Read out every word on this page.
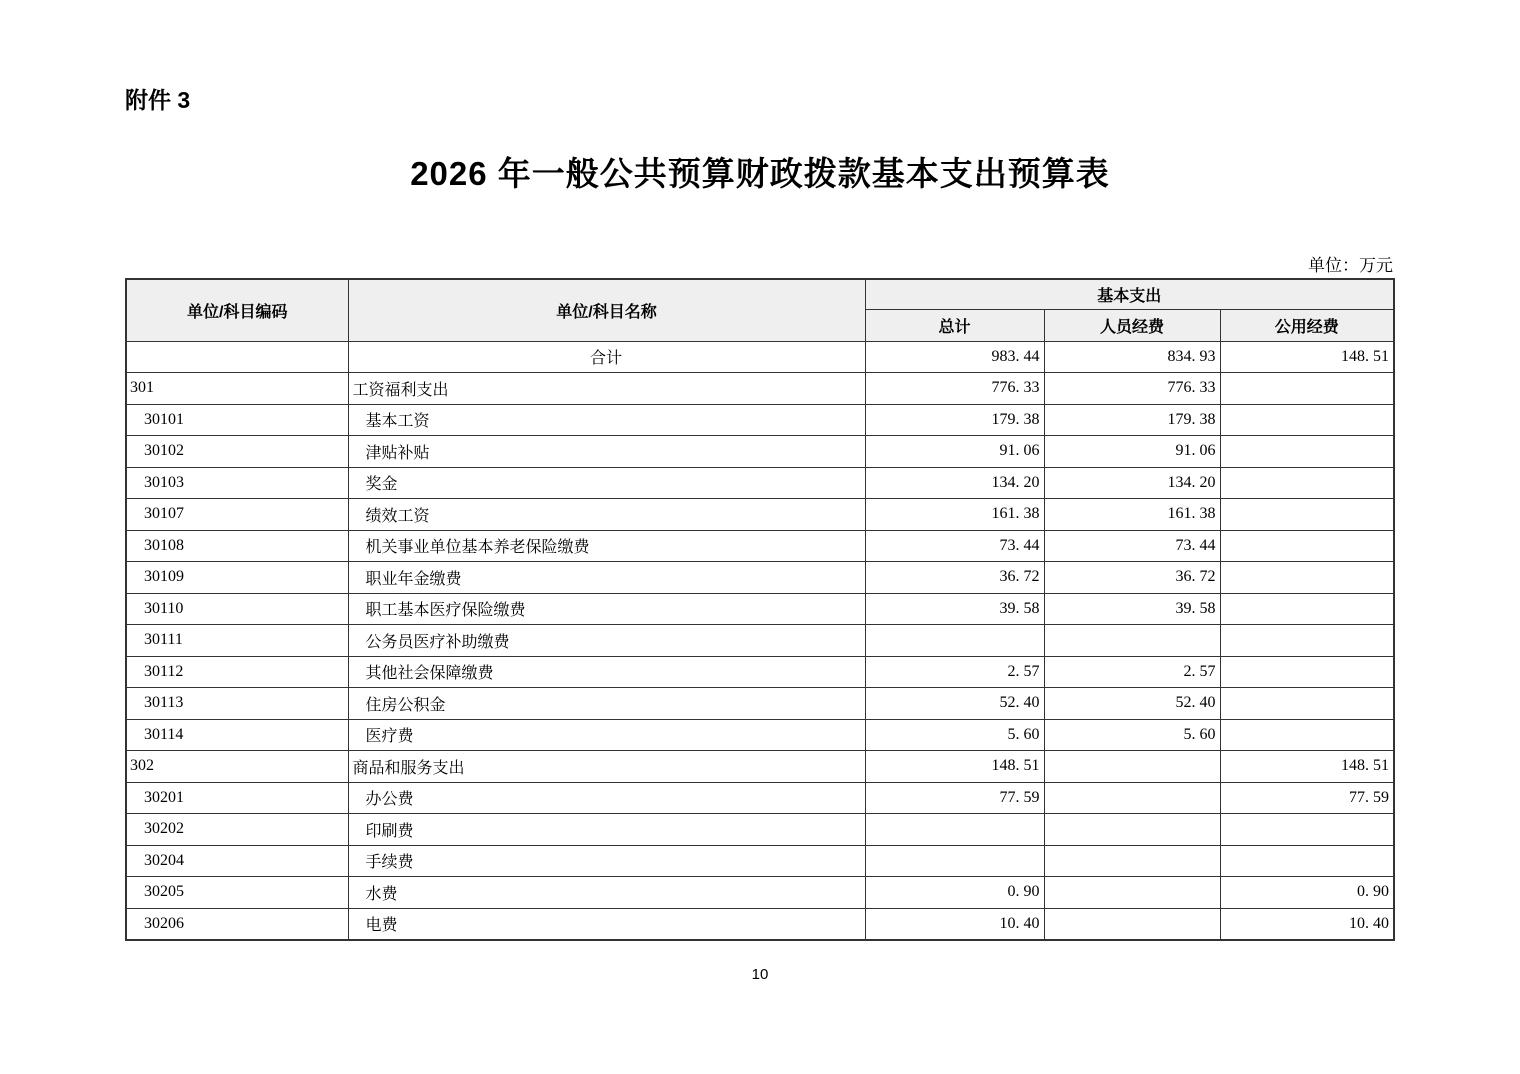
附件 3
2026 年一般公共预算财政拨款基本支出预算表
单位：万元
单位/科目编码	单位/科目名称	基本支出		
		总计	人员经费	公用经费
	合计	983. 44	834. 93	148. 51
301	工资福利支出	776. 33	776. 33	
30101	基本工资	179. 38	179. 38	
30102	津贴补贴	91. 06	91. 06	
30103	奖金	134. 20	134. 20	
30107	绩效工资	161. 38	161. 38	
30108	机关事业单位基本养老保险缴费	73. 44	73. 44	
30109	职业年金缴费	36. 72	36. 72	
30110	职工基本医疗保险缴费	39. 58	39. 58	
30111	公务员医疗补助缴费			
30112	其他社会保障缴费	2. 57	2. 57	
30113	住房公积金	52. 40	52. 40	
30114	医疗费	5. 60	5. 60	
302	商品和服务支出	148. 51		148. 51
30201	办公费	77. 59		77. 59
30202	印刷费			
30204	手续费			
30205	水费	0. 90		0. 90
30206	电费	10. 40		10. 40
10
